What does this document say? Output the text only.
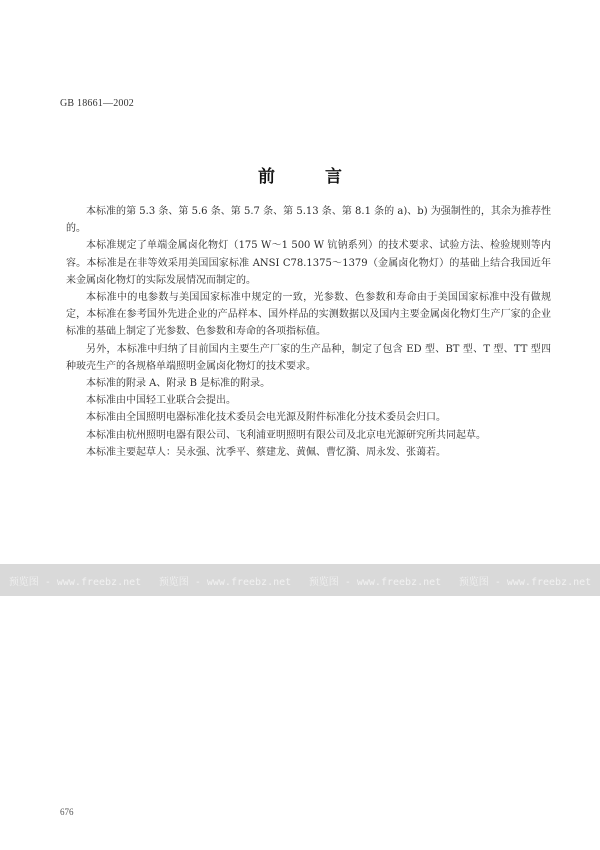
GB 18661—2002
前 言

本标准的第 5.3 条、第 5.6 条、第 5.7 条、第 5.13 条、第 8.1 条的 a)、b) 为强制性的，其余为推荐性的。

本标准规定了单端金属卤化物灯（175 W～1 500 W 钪钠系列）的技术要求、试验方法、检验规则等内容。本标准是在非等效采用美国国家标准 ANSI C78.1375～1379（金属卤化物灯）的基础上结合我国近年来金属卤化物灯的实际发展情况而制定的。

本标准中的电参数与美国国家标准中规定的一致，光参数、色参数和寿命由于美国国家标准中没有做规定，本标准在参考国外先进企业的产品样本、国外样品的实测数据以及国内主要金属卤化物灯生产厂家的企业标准的基础上制定了光参数、色参数和寿命的各项指标值。

另外，本标准中归纳了目前国内主要生产厂家的生产品种，制定了包含 ED 型、BT 型、T 型、TT 型四种玻壳生产的各规格单端照明金属卤化物灯的技术要求。

本标准的附录 A、附录 B 是标准的附录。

本标准由中国轻工业联合会提出。

本标准由全国照明电器标准化技术委员会电光源及附件标准化分技术委员会归口。

本标准由杭州照明电器有限公司、飞利浦亚明照明有限公司及北京电光源研究所共同起草。

本标准主要起草人：吴永强、沈季平、蔡建龙、黄佩、曹忆漪、周永发、张蔼若。

预览图 - www.freebz.net 预览图 - www.freebz.net 预览图 - www.freebz.net 预览图 - www.freebz.net
676
